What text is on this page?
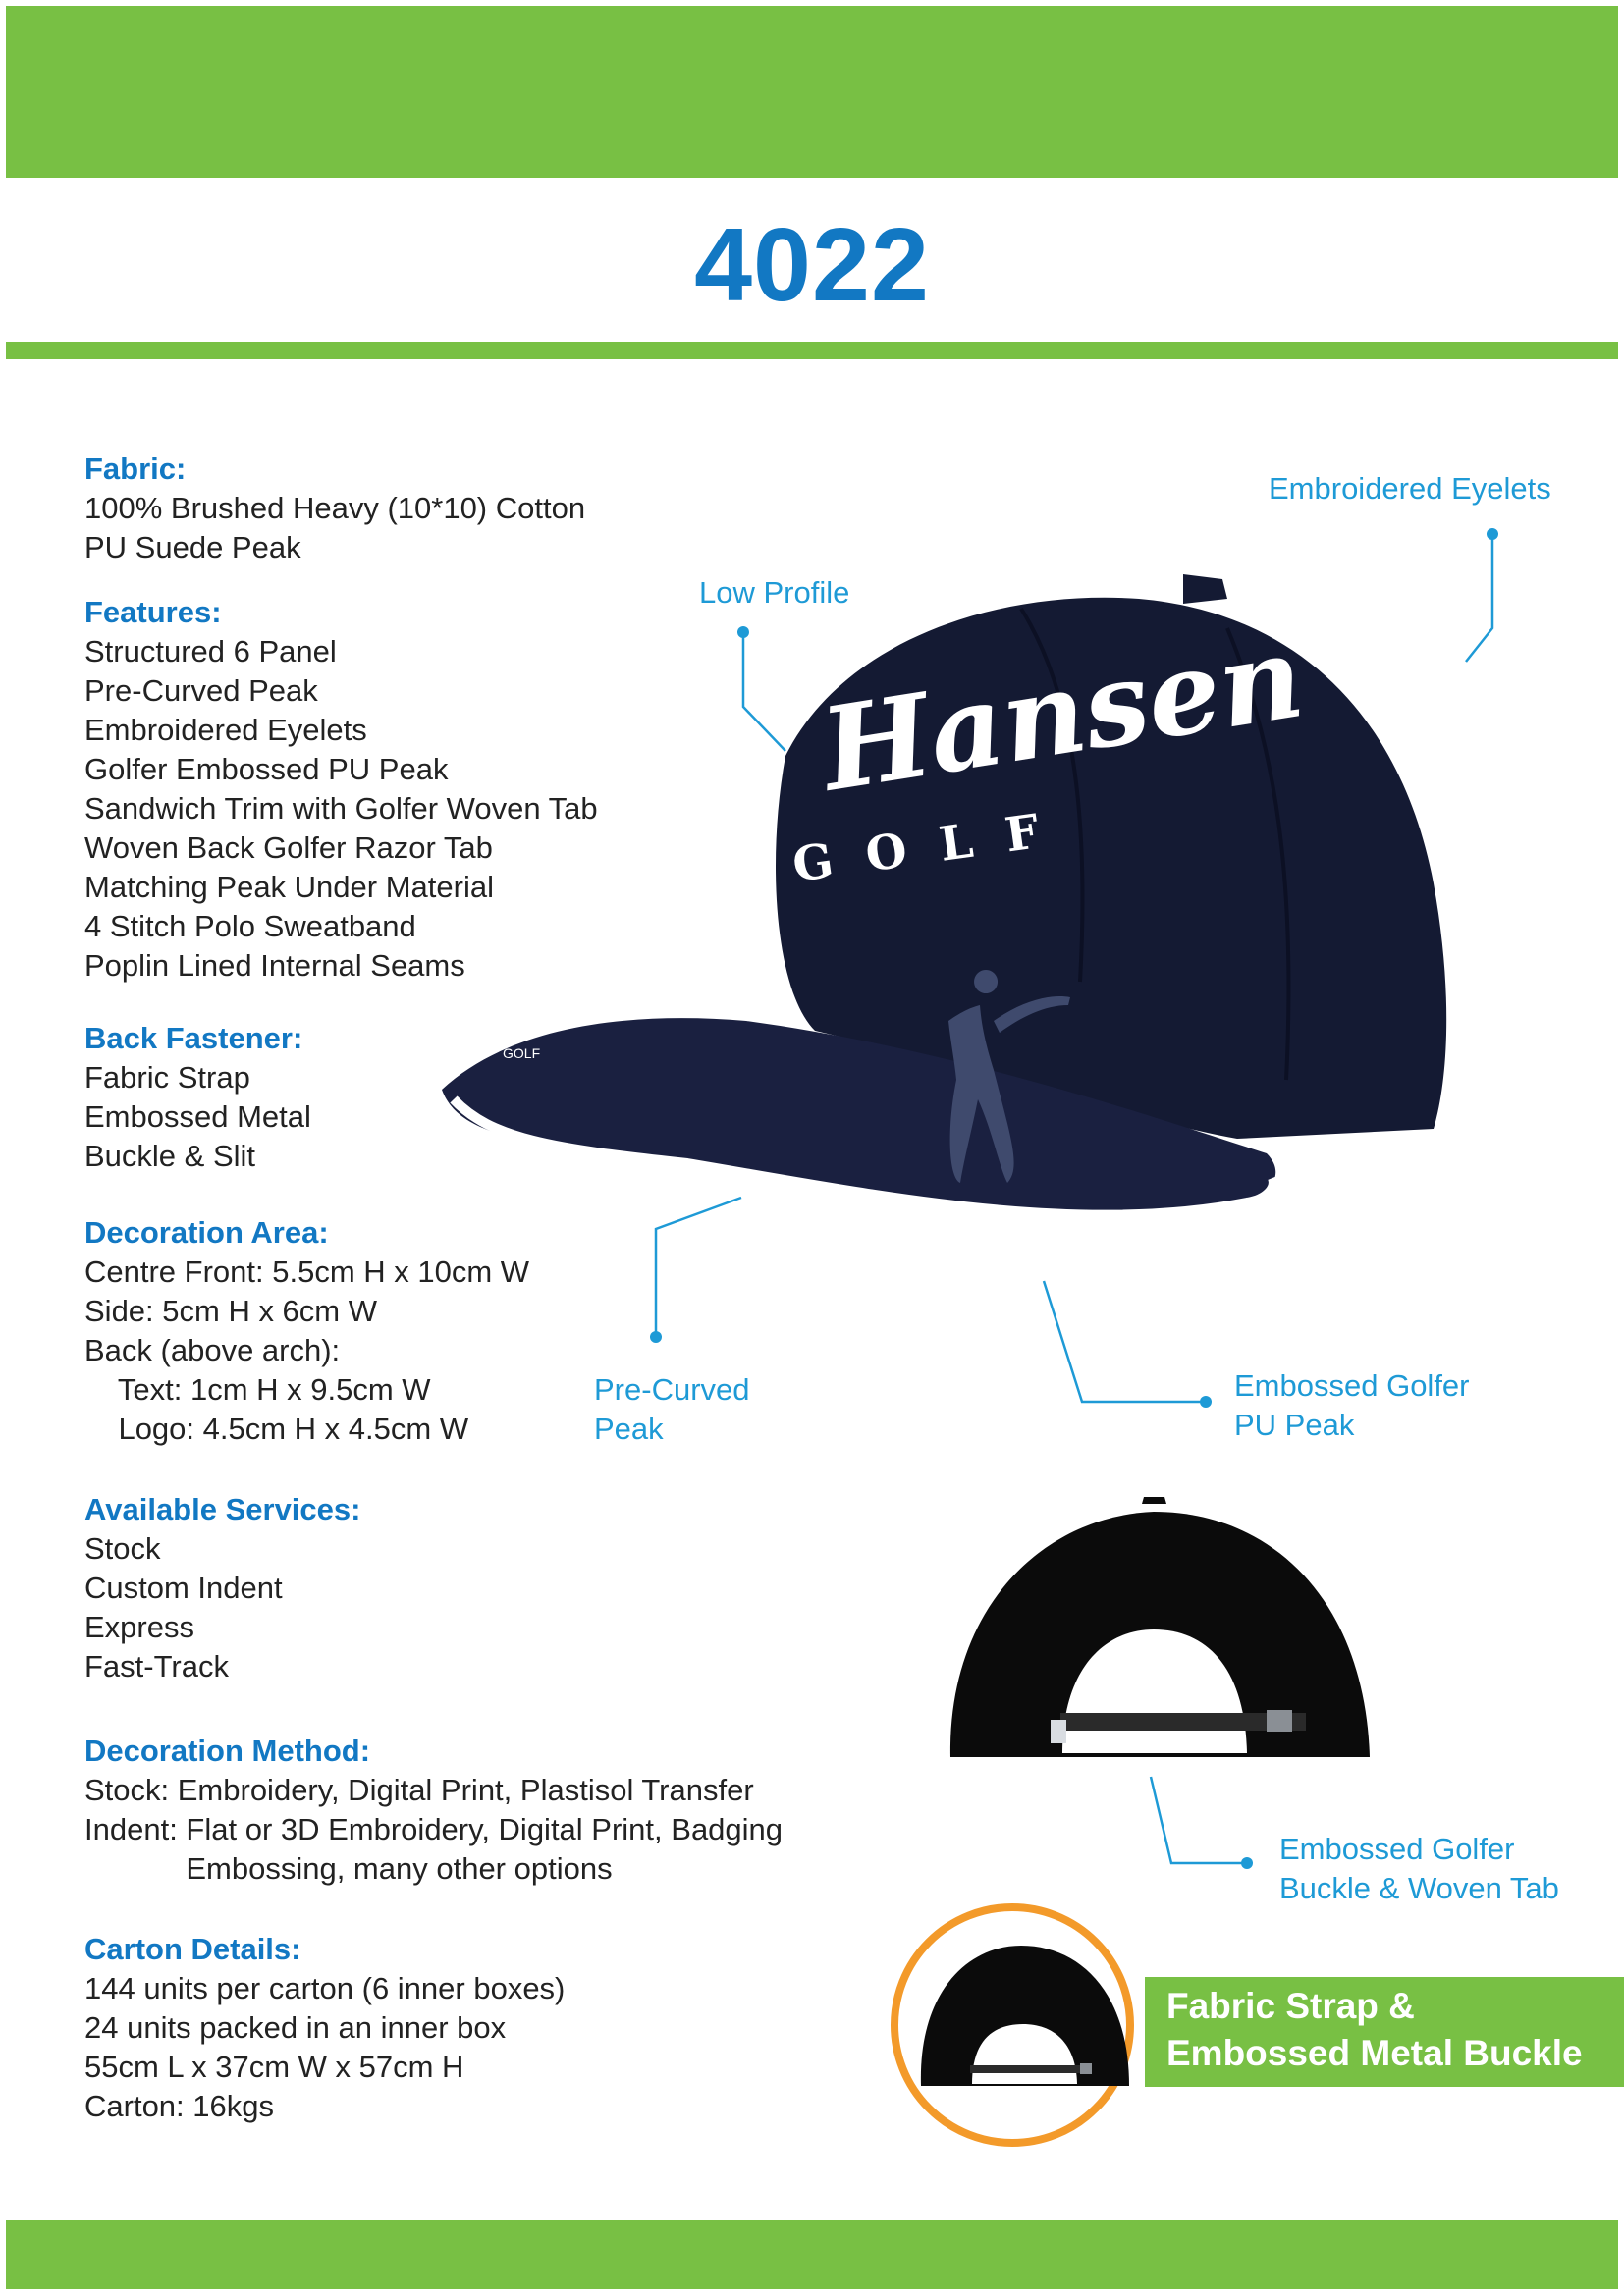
4022
Fabric:
100% Brushed Heavy (10*10) Cotton
PU Suede Peak
Features:
Structured 6 Panel
Pre-Curved Peak
Embroidered Eyelets
Golfer Embossed PU Peak
Sandwich Trim with Golfer Woven Tab
Woven Back Golfer Razor Tab
Matching Peak Under Material
4 Stitch Polo Sweatband
Poplin Lined Internal Seams
Back Fastener:
Fabric Strap
Embossed Metal
Buckle & Slit
Decoration Area:
Centre Front: 5.5cm H x 10cm W
Side: 5cm H x 6cm W
Back (above arch):
Text: 1cm H x 9.5cm W
Logo: 4.5cm H x 4.5cm W
Available Services:
Stock
Custom Indent
Express
Fast-Track
Decoration Method:
Stock: Embroidery, Digital Print, Plastisol Transfer
Indent: Flat or 3D Embroidery, Digital Print, Badging
Embossing, many other options
Carton Details:
144 units per carton (6 inner boxes)
24 units packed in an inner box
55cm L x 37cm W x 57cm H
Carton: 16kgs
GOLF
Hansen
GOLF
Embroidered Eyelets
Low Profile
Pre-Curved
Peak
Embossed Golfer
PU Peak
Embossed Golfer
Buckle & Woven Tab
Fabric Strap &
Embossed Metal Buckle
